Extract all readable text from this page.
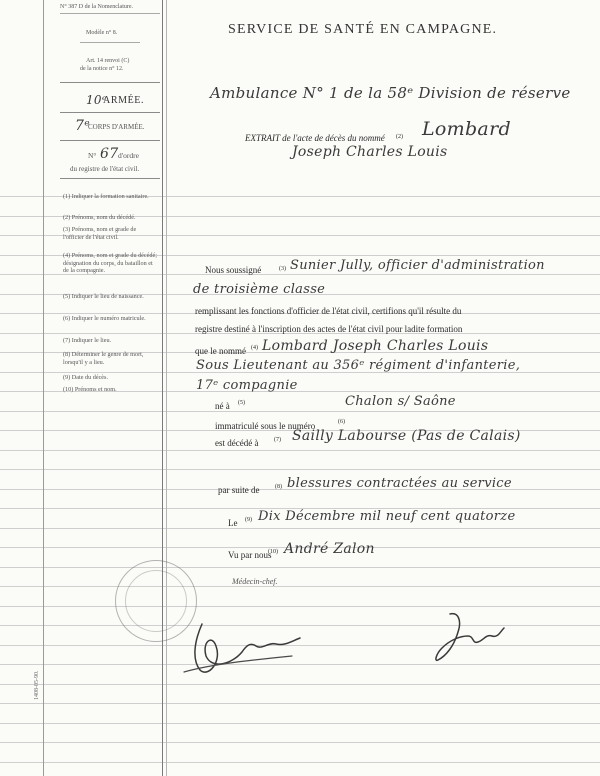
N° 387 D de la Nomenclature.
Modèle n° 8.
Art. 14 renvoi (C)
de la notice n° 12.
SERVICE DE SANTÉ EN CAMPAGNE.
10ᵉ
ARMÉE.
7ᵉ
CORPS D'ARMÉE.
N° 67 d'ordre
du registre de l'état civil.
(1) Indiquer la formation sanitaire.
(2) Prénoms, nom du décédé.
(3) Prénoms, nom et grade de l'officier de l'état civil.
(4) Prénoms, nom et grade du décédé; désignation du corps, du bataillon et de la compagnie.
(5) Indiquer le lieu de naissance.
(6) Indiquer le numéro matricule.
(7) Indiquer le lieu.
(8) Déterminer le genre de mort, lorsqu'il y a lieu.
(9) Date du décès.
(10) Prénoms et nom.
1408-05-90.
Ambulance N° 1 de la 58ᵉ Division de réserve
EXTRAIT de l'acte de décès du nommé (2) Lombard
Joseph Charles Louis
Nous soussigné	(3) Sunier Jully, officier d'administration
de troisième classe
remplissant les fonctions d'officier de l'état civil, certifions qu'il résulte du
registre destiné à l'inscription des actes de l'état civil pour ladite formation
que le nommé (4) Lombard Joseph Charles Louis
Sous Lieutenant au 356ᵉ régiment d'infanterie,
17ᵉ compagnie
né à (5)	Chalon s/ Saône
immatriculé sous le numéro	(6)
est décédé à	(7) Sailly Labourse (Pas de Calais)
par suite de	(8) blessures contractées au service
Le (9) Dix Décembre mil neuf cent quatorze
Vu par nous
(10) André Zalon
Médecin-chef.
